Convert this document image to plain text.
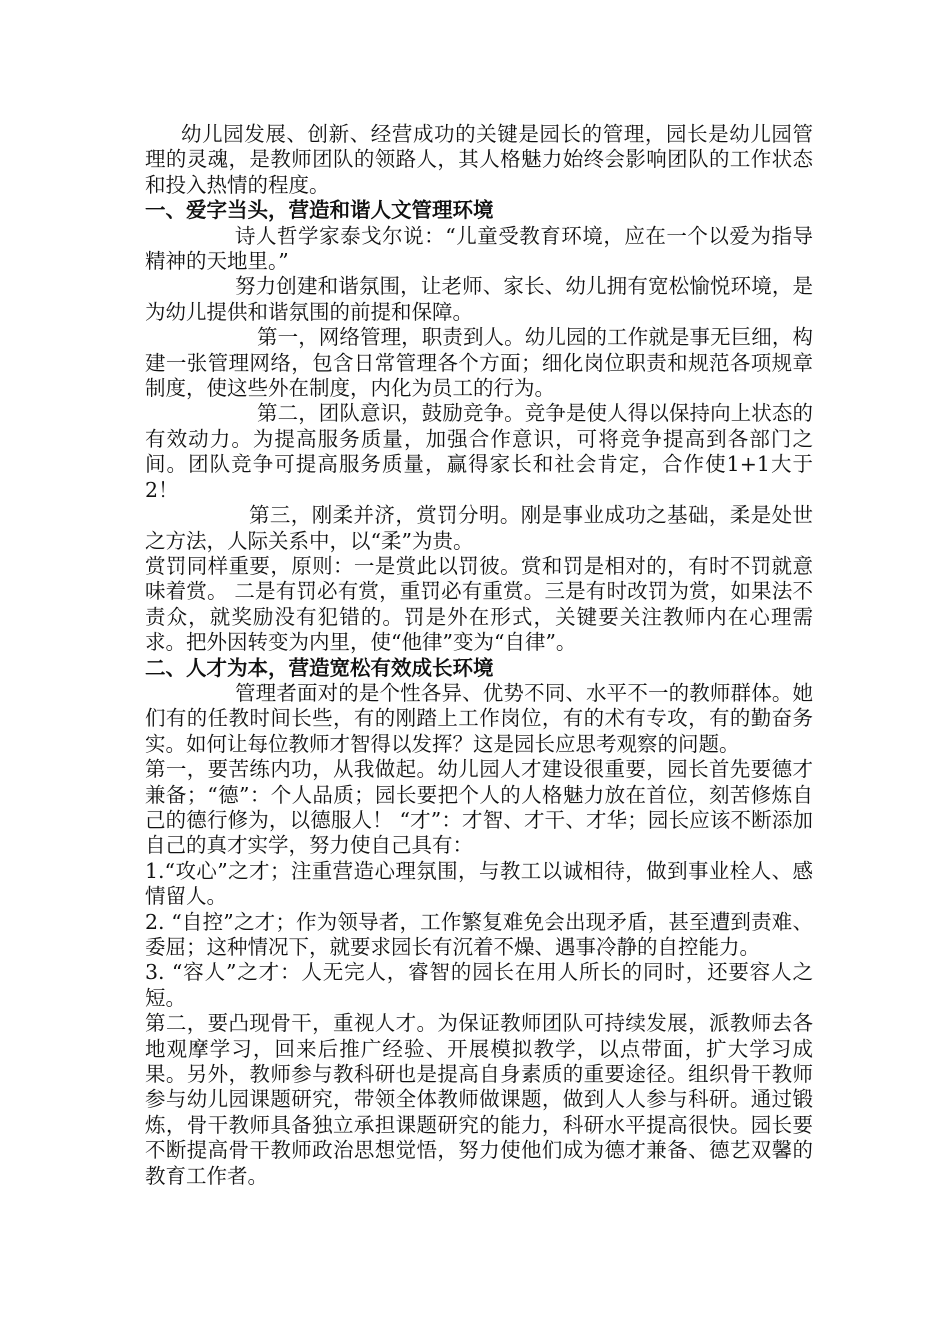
幼儿园发展、创新、经营成功的关键是园长的管理，园长是幼儿园管理的灵魂，是教师团队的领路人，其人格魅力始终会影响团队的工作状态和投入热情的程度。

一、爱字当头，营造和谐人文管理环境

诗人哲学家泰戈尔说：“儿童受教育环境，应在一个以爱为指导精神的天地里。”

努力创建和谐氛围，让老师、家长、幼儿拥有宽松愉悦环境，是为幼儿提供和谐氛围的前提和保障。

第一，网络管理，职责到人。幼儿园的工作就是事无巨细，构建一张管理网络，包含日常管理各个方面；细化岗位职责和规范各项规章制度，使这些外在制度，内化为员工的行为。

第二，团队意识，鼓励竞争。竞争是使人得以保持向上状态的有效动力。为提高服务质量，加强合作意识，可将竞争提高到各部门之间。团队竞争可提高服务质量，赢得家长和社会肯定，合作使1+1大于2！

第三，刚柔并济，赏罚分明。刚是事业成功之基础，柔是处世之方法，人际关系中，以“柔”为贵。

赏罚同样重要，原则：一是赏此以罚彼。赏和罚是相对的，有时不罚就意味着赏。 二是有罚必有赏，重罚必有重赏。三是有时改罚为赏，如果法不责众，就奖励没有犯错的。罚是外在形式，关键要关注教师内在心理需求。把外因转变为内里，使“他律”变为“自律”。

二、人才为本，营造宽松有效成长环境

管理者面对的是个性各异、优势不同、水平不一的教师群体。她们有的任教时间长些，有的刚踏上工作岗位，有的术有专攻，有的勤奋务实。如何让每位教师才智得以发挥？这是园长应思考观察的问题。

第一，要苦练内功，从我做起。幼儿园人才建设很重要，园长首先要德才兼备；“德”：个人品质；园长要把个人的人格魅力放在首位，刻苦修炼自己的德行修为，以德服人！ “才”：才智、才干、才华；园长应该不断添加自己的真才实学，努力使自己具有：

1.“攻心”之才；注重营造心理氛围，与教工以诚相待，做到事业栓人、感情留人。

2. “自控”之才；作为领导者，工作繁复难免会出现矛盾，甚至遭到责难、委屈；这种情况下，就要求园长有沉着不燥、遇事冷静的自控能力。

3. “容人”之才：人无完人，睿智的园长在用人所长的同时，还要容人之短。

第二，要凸现骨干，重视人才。为保证教师团队可持续发展，派教师去各地观摩学习，回来后推广经验、开展模拟教学，以点带面，扩大学习成果。另外，教师参与教科研也是提高自身素质的重要途径。组织骨干教师参与幼儿园课题研究，带领全体教师做课题，做到人人参与科研。通过锻炼，骨干教师具备独立承担课题研究的能力，科研水平提高很快。园长要不断提高骨干教师政治思想觉悟，努力使他们成为德才兼备、德艺双馨的教育工作者。
